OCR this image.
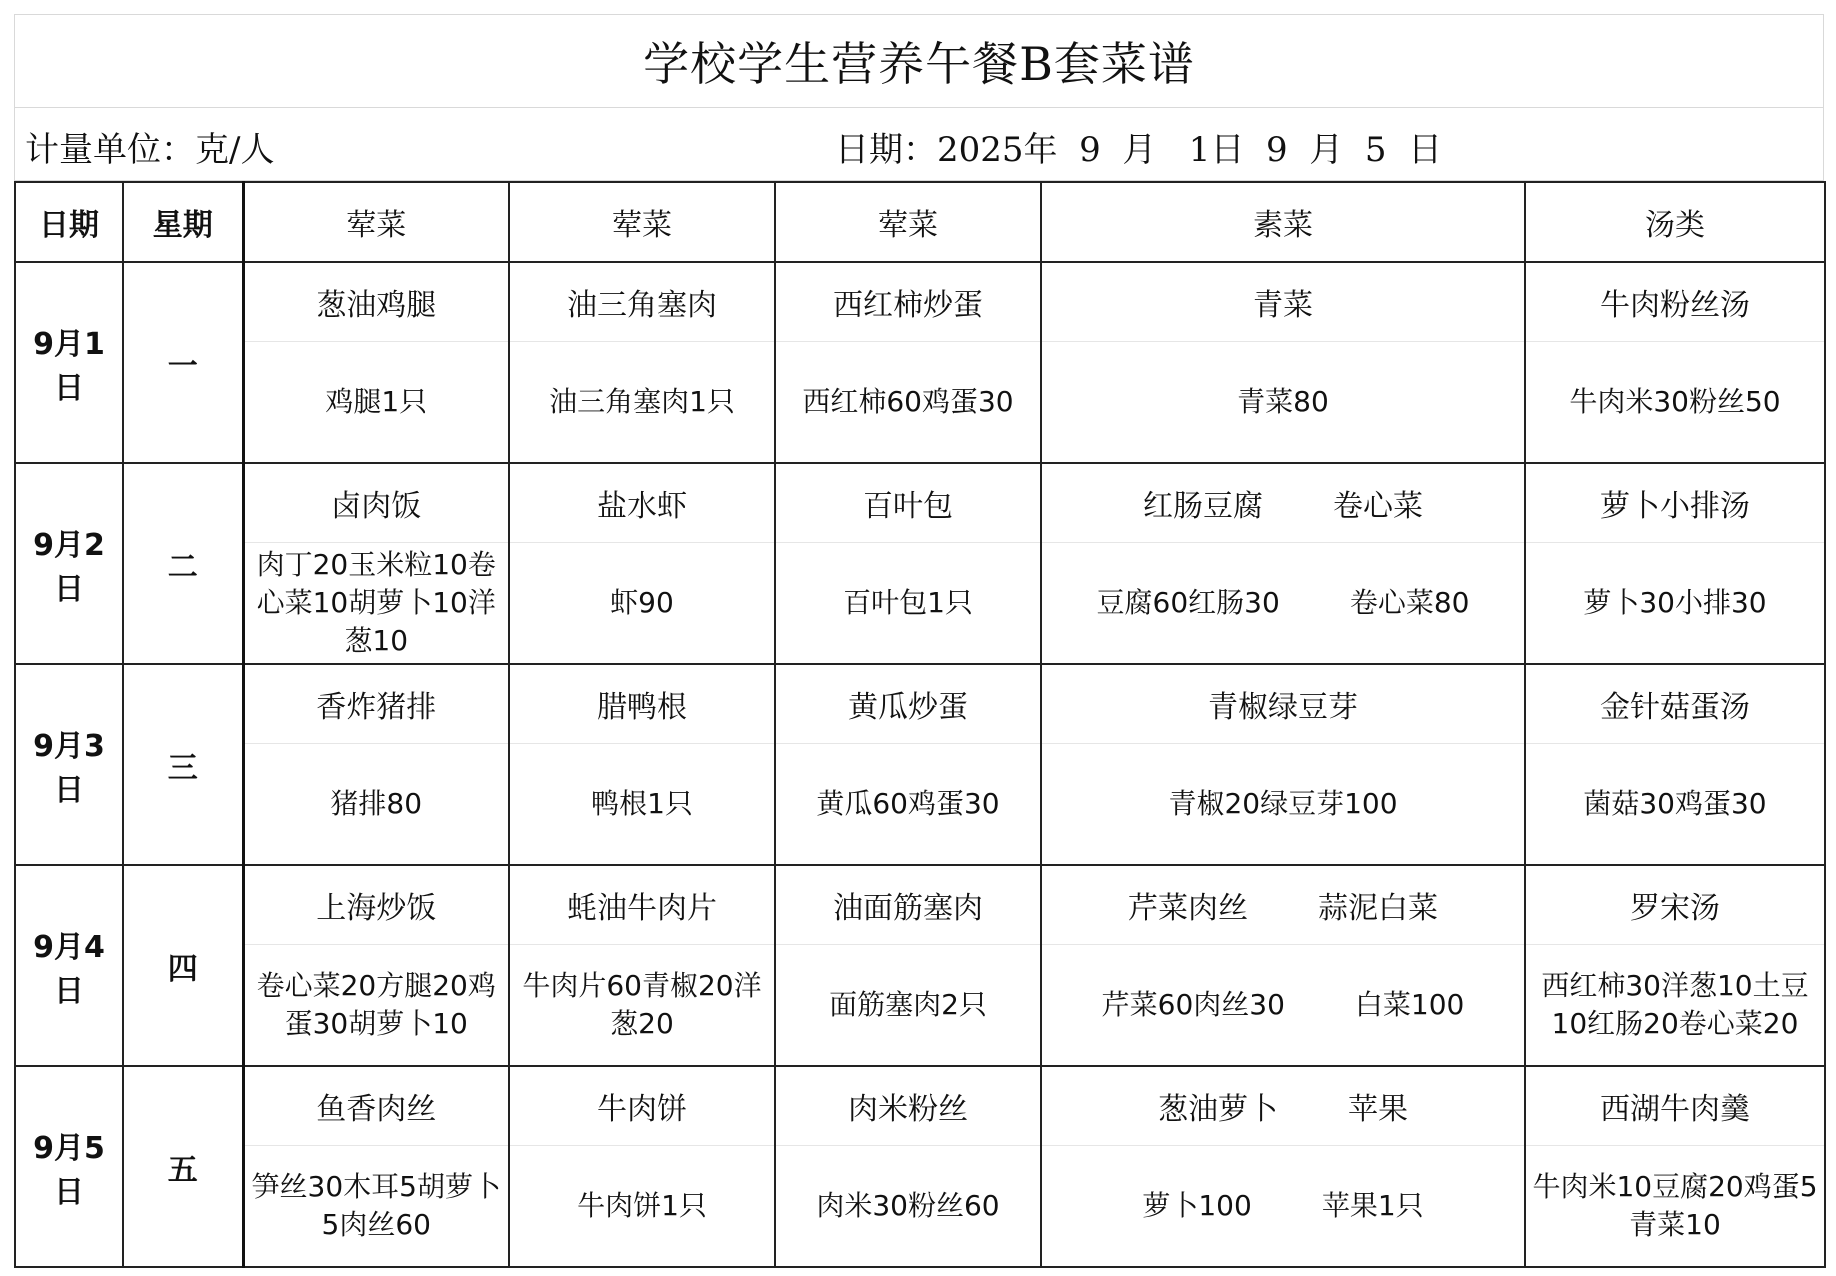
学校学生营养午餐B套菜谱
计量单位：克/人	日期：2025年  9  月   1日  9  月  5  日
日期	星期	荤菜	荤菜	荤菜	素菜	汤类
9月1日	一	葱油鸡腿	油三角塞肉	西红柿炒蛋	青菜	牛肉粉丝汤
		鸡腿1只	油三角塞肉1只	西红柿60鸡蛋30	青菜80	牛肉米30粉丝50
9月2日	二	卤肉饭	盐水虾	百叶包	红肠豆腐 卷心菜	萝卜小排汤
		肉丁20玉米粒10卷心菜10胡萝卜10洋葱10	虾90	百叶包1只	豆腐60红肠30 卷心菜80	萝卜30小排30
9月3日	三	香炸猪排	腊鸭根	黄瓜炒蛋	青椒绿豆芽	金针菇蛋汤
		猪排80	鸭根1只	黄瓜60鸡蛋30	青椒20绿豆芽100	菌菇30鸡蛋30
9月4日	四	上海炒饭	蚝油牛肉片	油面筋塞肉	芹菜肉丝 蒜泥白菜	罗宋汤
		卷心菜20方腿20鸡蛋30胡萝卜10	牛肉片60青椒20洋葱20	面筋塞肉2只	芹菜60肉丝30 白菜100	西红柿30洋葱10土豆10红肠20卷心菜20
9月5日	五	鱼香肉丝	牛肉饼	肉米粉丝	葱油萝卜 苹果	西湖牛肉羹
		笋丝30木耳5胡萝卜5肉丝60	牛肉饼1只	肉米30粉丝60	萝卜100 苹果1只	牛肉米10豆腐20鸡蛋5青菜10
